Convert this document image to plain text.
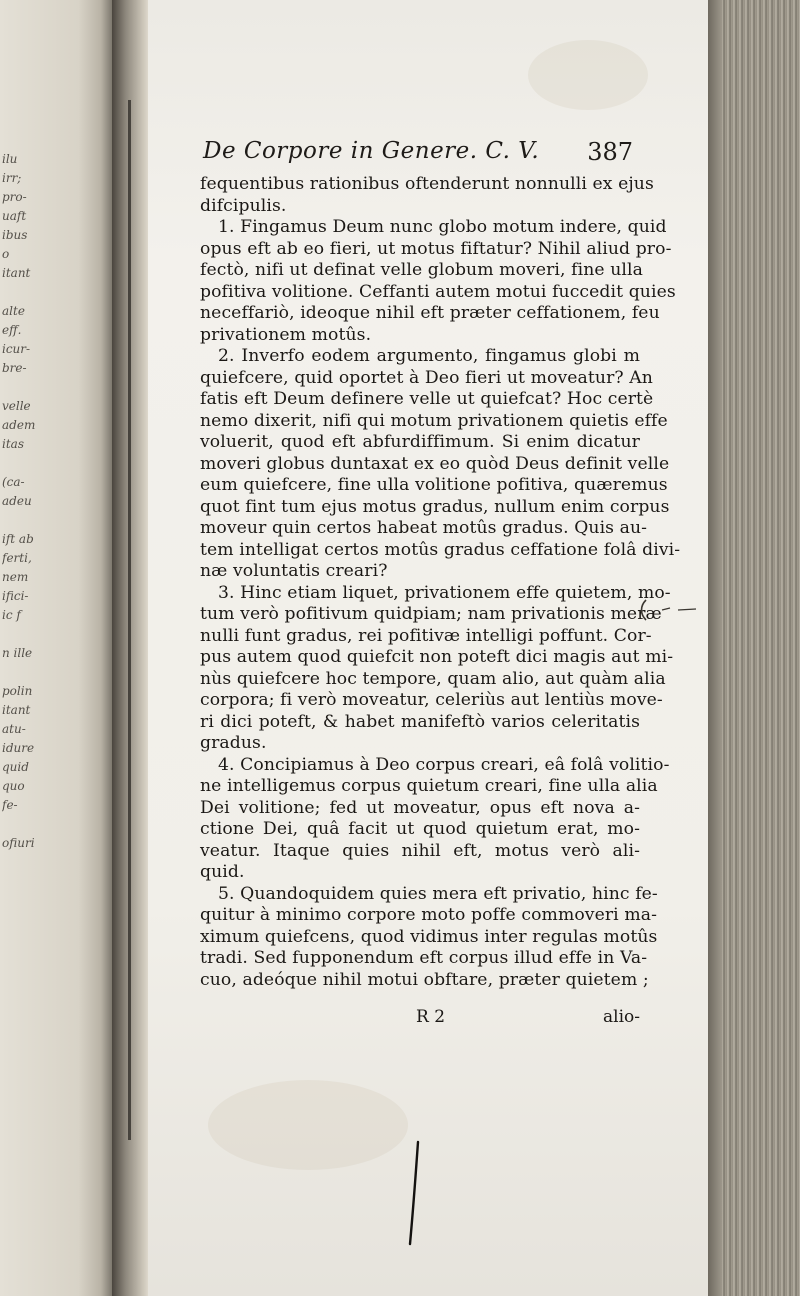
ilu
irr;
pro-
uaft
ibus
o
itant
alte
eff.
icur-
bre-
velle
adem
itas
(ca-
adeu
ift ab
ferti,
nem
ifici-
ic f
n ille
polin
itant
atu-
idure
quid
quo
fe-
ofiuri
De Corpore in Genere. C. V. 387
fequentibus rationibus oftenderunt nonnulli ex ejus
difcipulis.
1. Fingamus Deum nunc globo motum indere, quid
opus eft ab eo fieri, ut motus fiftatur? Nihil aliud pro-
fectò, nifi ut definat velle globum moveri, fine ulla
pofitiva volitione. Ceffanti autem motui fuccedit quies
neceffariò, ideoque nihil eft præter ceffationem, feu
privationem motûs.
2. Inverfo eodem argumento, fingamus globi m
quiefcere, quid oportet à Deo fieri ut moveatur? An
fatis eft Deum definere velle ut quiefcat? Hoc certè
nemo dixerit, nifi qui motum privationem quietis effe
voluerit, quod eft abfurdiffimum. Si enim dicatur
moveri globus duntaxat ex eo quòd Deus definit velle
eum quiefcere, fine ulla volitione pofitiva, quæremus
quot fint tum ejus motus gradus, nullum enim corpus
moveur quin certos habeat motûs gradus. Quis au-
tem intelligat certos motûs gradus ceffatione folâ divi-
næ voluntatis creari?
3. Hinc etiam liquet, privationem effe quietem, mo-
tum verò pofitivum quidpiam; nam privationis meræ
nulli funt gradus, rei pofitivæ intelligi poffunt. Cor-
pus autem quod quiefcit non poteft dici magis aut mi-
nùs quiefcere hoc tempore, quam alio, aut quàm alia
corpora; fi verò moveatur, celeriùs aut lentiùs move-
ri dici poteft, & habet manifeftò varios celeritatis
gradus.
4. Concipiamus à Deo corpus creari, eâ folâ volitio-
ne intelligemus corpus quietum creari, fine ulla alia
Dei volitione; fed ut moveatur, opus eft nova a-
ctione Dei, quâ facit ut quod quietum erat, mo-
veatur. Itaque quies nihil eft, motus verò ali-
quid.
5. Quandoquidem quies mera eft privatio, hinc fe-
quitur à minimo corpore moto poffe commoveri ma-
ximum quiefcens, quod vidimus inter regulas motûs
tradi. Sed fupponendum eft corpus illud effe in Va-
cuo, adeóque nihil motui obftare, præter quietem ;
R 2	alio-
